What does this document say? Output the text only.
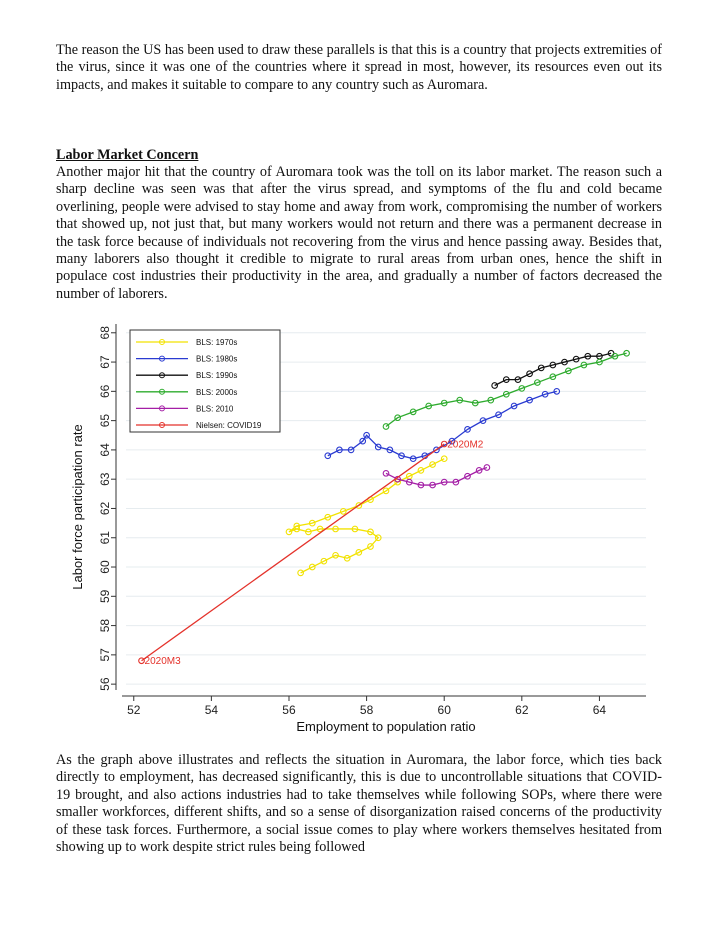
The reason the US has been used to draw these parallels is that this is a country that projects extremities of the virus, since it was one of the countries where it spread in most, however, its resources even out its impacts, and makes it suitable to compare to any country such as Auromara.

Labor Market Concern

Another major hit that the country of Auromara took was the toll on its labor market. The reason such a sharp decline was seen was that after the virus spread, and symptoms of the flu and cold became overlining, people were advised to stay home and away from work, compromising the number of workers that showed up, not just that, but many workers would not return and there was a permanent decrease in the task force because of individuals not recovering from the virus and hence passing away. Besides that, many laborers also thought it credible to migrate to rural areas from urban ones, hence the shift in populace cost industries their productivity in the area, and gradually a number of factors decreased the number of laborers.

52	54	56	58	60	62	64
56
57
58
59
60
61
62
63
64
65
66
67
68
2020M2
2020M3
BLS: 1970s
BLS: 1980s
BLS: 1990s
BLS: 2000s
BLS: 2010
Nielsen: COVID19
Employment to population ratio
Labor force participation rate

As the graph above illustrates and reflects the situation in Auromara, the labor force, which ties back directly to employment, has decreased significantly, this is due to uncontrollable situations that COVID-19 brought, and also actions industries had to take themselves while following SOPs, where there were smaller workforces, different shifts, and so a sense of disorganization raised concerns of the productivity of these task forces. Furthermore, a social issue comes to play where workers themselves hesitated from showing up to work despite strict rules being followed
